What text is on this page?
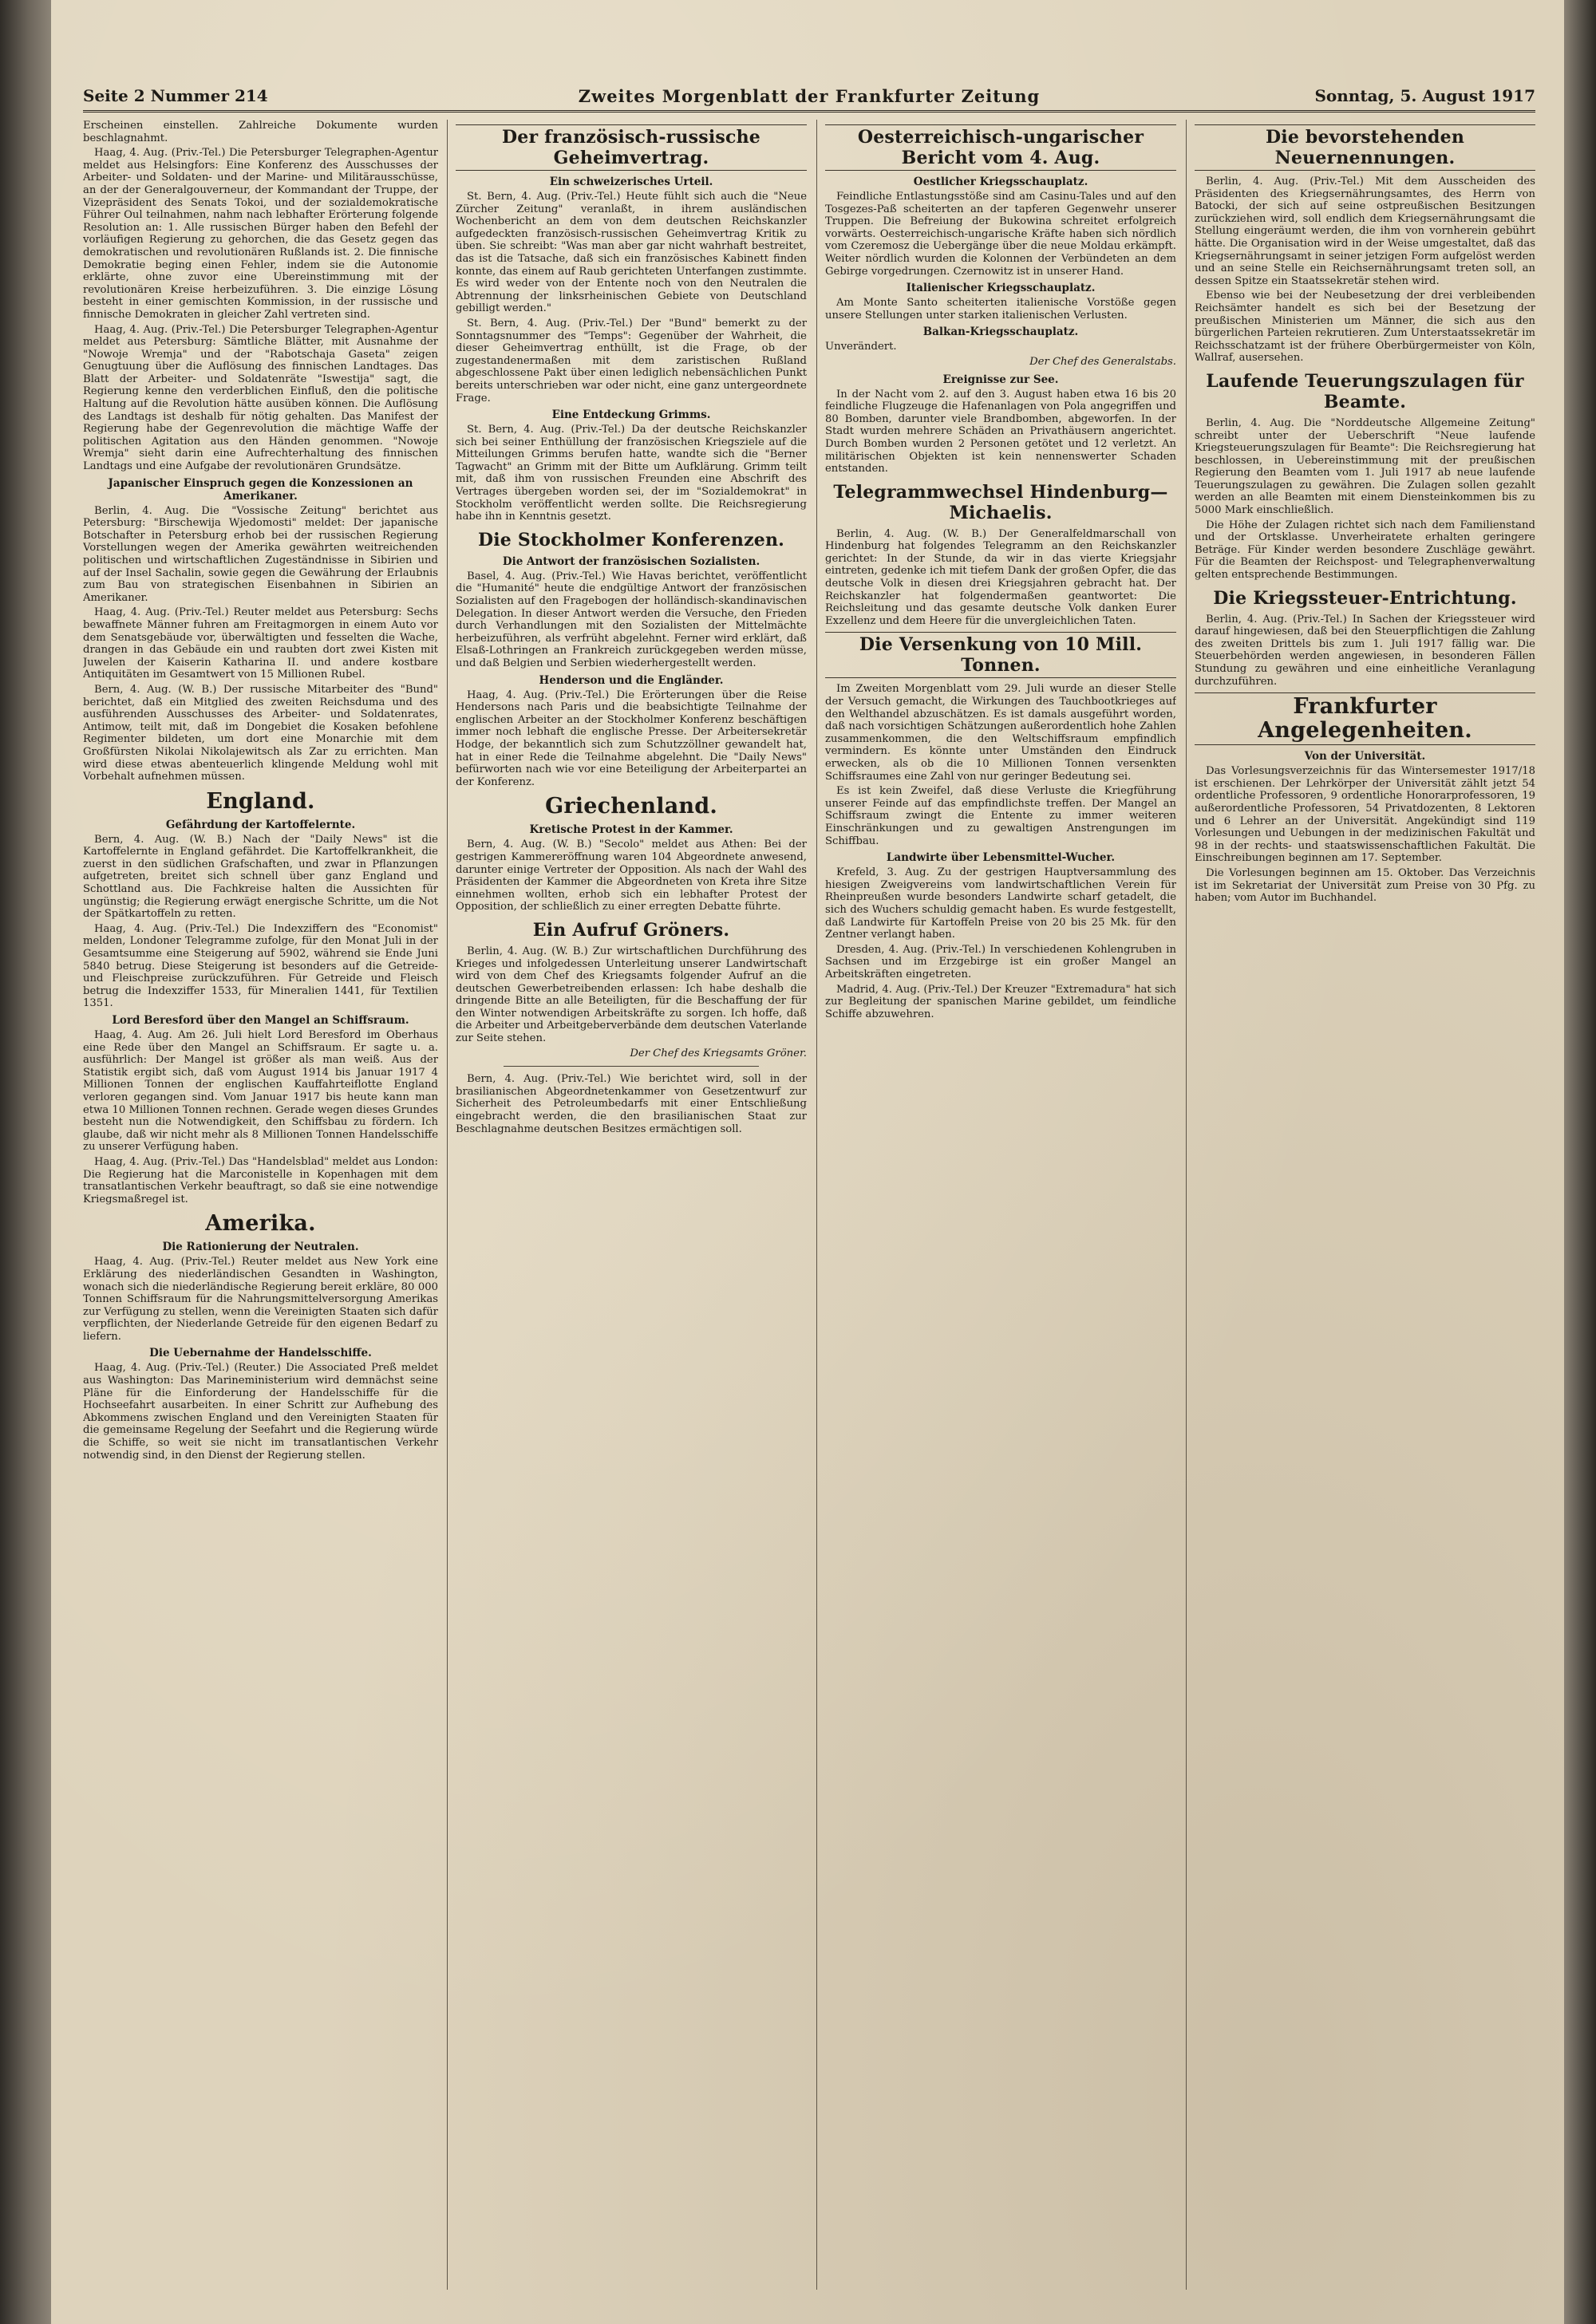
Seite 2 Nummer 214	Zweites Morgenblatt der Frankfurter Zeitung	Sonntag, 5. August 1917

Erscheinen einstellen. Zahlreiche Dokumente wurden beschlagnahmt.

Haag, 4. Aug. (Priv.-Tel.) Die Petersburger Telegraphen-Agentur meldet aus Helsingfors: Eine Konferenz des Ausschusses der Arbeiter- und Soldaten- und der Marine- und Militärausschüsse, an der der Generalgouverneur, der Kommandant der Truppe, der Vizepräsident des Senats Tokoi, und der sozialdemokratische Führer Oul teilnahmen, nahm nach lebhafter Erörterung folgende Resolution an: 1. Alle russischen Bürger haben den Befehl der vorläufigen Regierung zu gehorchen, die das Gesetz gegen das demokratischen und revolutionären Rußlands ist. 2. Die finnische Demokratie beging einen Fehler, indem sie die Autonomie erklärte, ohne zuvor eine Ubereinstimmung mit der revolutionären Kreise herbeizuführen. 3. Die einzige Lösung besteht in einer gemischten Kommission, in der russische und finnische Demokraten in gleicher Zahl vertreten sind.

Haag, 4. Aug. (Priv.-Tel.) Die Petersburger Telegraphen-Agentur meldet aus Petersburg: Sämtliche Blätter, mit Ausnahme der "Nowoje Wremja" und der "Rabotschaja Gaseta" zeigen Genugtuung über die Auflösung des finnischen Landtages. Das Blatt der Arbeiter- und Soldatenräte "Iswestija" sagt, die Regierung kenne den verderblichen Einfluß, den die politische Haltung auf die Revolution hätte ausüben können. Die Auflösung des Landtags ist deshalb für nötig gehalten. Das Manifest der Regierung habe der Gegenrevolution die mächtige Waffe der politischen Agitation aus den Händen genommen. "Nowoje Wremja" sieht darin eine Aufrechterhaltung des finnischen Landtags und eine Aufgabe der revolutionären Grundsätze.

Japanischer Einspruch gegen die Konzessionen an Amerikaner.

Berlin, 4. Aug. Die "Vossische Zeitung" berichtet aus Petersburg: "Birschewija Wjedomosti" meldet: Der japanische Botschafter in Petersburg erhob bei der russischen Regierung Vorstellungen wegen der Amerika gewährten weitreichenden politischen und wirtschaftlichen Zugeständnisse in Sibirien und auf der Insel Sachalin, sowie gegen die Gewährung der Erlaubnis zum Bau von strategischen Eisenbahnen in Sibirien an Amerikaner.

Haag, 4. Aug. (Priv.-Tel.) Reuter meldet aus Petersburg: Sechs bewaffnete Männer fuhren am Freitagmorgen in einem Auto vor dem Senatsgebäude vor, überwältigten und fesselten die Wache, drangen in das Gebäude ein und raubten dort zwei Kisten mit Juwelen der Kaiserin Katharina II. und andere kostbare Antiquitäten im Gesamtwert von 15 Millionen Rubel.

Bern, 4. Aug. (W. B.) Der russische Mitarbeiter des "Bund" berichtet, daß ein Mitglied des zweiten Reichsduma und des ausführenden Ausschusses des Arbeiter- und Soldatenrates, Antimow, teilt mit, daß im Dongebiet die Kosaken befohlene Regimenter bildeten, um dort eine Monarchie mit dem Großfürsten Nikolai Nikolajewitsch als Zar zu errichten. Man wird diese etwas abenteuerlich klingende Meldung wohl mit Vorbehalt aufnehmen müssen.

England.
Gefährdung der Kartoffelernte.

Bern, 4. Aug. (W. B.) Nach der "Daily News" ist die Kartoffelernte in England gefährdet. Die Kartoffelkrankheit, die zuerst in den südlichen Grafschaften, und zwar in Pflanzungen aufgetreten, breitet sich schnell über ganz England und Schottland aus. Die Fachkreise halten die Aussichten für ungünstig; die Regierung erwägt energische Schritte, um die Not der Spätkartoffeln zu retten.

Haag, 4. Aug. (Priv.-Tel.) Die Indexziffern des "Economist" melden, Londoner Telegramme zufolge, für den Monat Juli in der Gesamtsumme eine Steigerung auf 5902, während sie Ende Juni 5840 betrug. Diese Steigerung ist besonders auf die Getreide- und Fleischpreise zurückzuführen. Für Getreide und Fleisch betrug die Indexziffer 1533, für Mineralien 1441, für Textilien 1351.

Lord Beresford über den Mangel an Schiffsraum.

Haag, 4. Aug. Am 26. Juli hielt Lord Beresford im Oberhaus eine Rede über den Mangel an Schiffsraum. Er sagte u. a. ausführlich: Der Mangel ist größer als man weiß. Aus der Statistik ergibt sich, daß vom August 1914 bis Januar 1917 4 Millionen Tonnen der englischen Kauffahrteiflotte England verloren gegangen sind. Vom Januar 1917 bis heute kann man etwa 10 Millionen Tonnen rechnen. Gerade wegen dieses Grundes besteht nun die Notwendigkeit, den Schiffsbau zu fördern. Ich glaube, daß wir nicht mehr als 8 Millionen Tonnen Handelsschiffe zu unserer Verfügung haben.

Haag, 4. Aug. (Priv.-Tel.) Das "Handelsblad" meldet aus London: Die Regierung hat die Marconistelle in Kopenhagen mit dem transatlantischen Verkehr beauftragt, so daß sie eine notwendige Kriegsmaßregel ist.

Amerika.
Die Rationierung der Neutralen.

Haag, 4. Aug. (Priv.-Tel.) Reuter meldet aus New York eine Erklärung des niederländischen Gesandten in Washington, wonach sich die niederländische Regierung bereit erkläre, 80 000 Tonnen Schiffsraum für die Nahrungsmittelversorgung Amerikas zur Verfügung zu stellen, wenn die Vereinigten Staaten sich dafür verpflichten, der Niederlande Getreide für den eigenen Bedarf zu liefern.

Die Uebernahme der Handelsschiffe.

Haag, 4. Aug. (Priv.-Tel.) (Reuter.) Die Associated Preß meldet aus Washington: Das Marineministerium wird demnächst seine Pläne für die Einforderung der Handelsschiffe für die Hochseefahrt ausarbeiten. In einer Schritt zur Aufhebung des Abkommens zwischen England und den Vereinigten Staaten für die gemeinsame Regelung der Seefahrt und die Regierung würde die Schiffe, so weit sie nicht im transatlantischen Verkehr notwendig sind, in den Dienst der Regierung stellen.

Der französisch-russische Geheimvertrag.
Ein schweizerisches Urteil.

St. Bern, 4. Aug. (Priv.-Tel.) Heute fühlt sich auch die "Neue Zürcher Zeitung" veranlaßt, in ihrem ausländischen Wochenbericht an dem von dem deutschen Reichskanzler aufgedeckten französisch-russischen Geheimvertrag Kritik zu üben. Sie schreibt: "Was man aber gar nicht wahrhaft bestreitet, das ist die Tatsache, daß sich ein französisches Kabinett finden konnte, das einem auf Raub gerichteten Unterfangen zustimmte. Es wird weder von der Entente noch von den Neutralen die Abtrennung der linksrheinischen Gebiete von Deutschland gebilligt werden."

St. Bern, 4. Aug. (Priv.-Tel.) Der "Bund" bemerkt zu der Sonntagsnummer des "Temps": Gegenüber der Wahrheit, die dieser Geheimvertrag enthüllt, ist die Frage, ob der zugestandenermaßen mit dem zaristischen Rußland abgeschlossene Pakt über einen lediglich nebensächlichen Punkt bereits unterschrieben war oder nicht, eine ganz untergeordnete Frage.

Eine Entdeckung Grimms.

St. Bern, 4. Aug. (Priv.-Tel.) Da der deutsche Reichskanzler sich bei seiner Enthüllung der französischen Kriegsziele auf die Mitteilungen Grimms berufen hatte, wandte sich die "Berner Tagwacht" an Grimm mit der Bitte um Aufklärung. Grimm teilt mit, daß ihm von russischen Freunden eine Abschrift des Vertrages übergeben worden sei, der im "Sozialdemokrat" in Stockholm veröffentlicht werden sollte. Die Reichsregierung habe ihn in Kenntnis gesetzt.

Die Stockholmer Konferenzen.
Die Antwort der französischen Sozialisten.

Basel, 4. Aug. (Priv.-Tel.) Wie Havas berichtet, veröffentlicht die "Humanité" heute die endgültige Antwort der französischen Sozialisten auf den Fragebogen der holländisch-skandinavischen Delegation. In dieser Antwort werden die Versuche, den Frieden durch Verhandlungen mit den Sozialisten der Mittelmächte herbeizuführen, als verfrüht abgelehnt. Ferner wird erklärt, daß Elsaß-Lothringen an Frankreich zurückgegeben werden müsse, und daß Belgien und Serbien wiederhergestellt werden.

Henderson und die Engländer.

Haag, 4. Aug. (Priv.-Tel.) Die Erörterungen über die Reise Hendersons nach Paris und die beabsichtigte Teilnahme der englischen Arbeiter an der Stockholmer Konferenz beschäftigen immer noch lebhaft die englische Presse. Der Arbeitersekretär Hodge, der bekanntlich sich zum Schutzzöllner gewandelt hat, hat in einer Rede die Teilnahme abgelehnt. Die "Daily News" befürworten nach wie vor eine Beteiligung der Arbeiterpartei an der Konferenz.

Griechenland.
Kretische Protest in der Kammer.

Bern, 4. Aug. (W. B.) "Secolo" meldet aus Athen: Bei der gestrigen Kammereröffnung waren 104 Abgeordnete anwesend, darunter einige Vertreter der Opposition. Als nach der Wahl des Präsidenten der Kammer die Abgeordneten von Kreta ihre Sitze einnehmen wollten, erhob sich ein lebhafter Protest der Opposition, der schließlich zu einer erregten Debatte führte.

Ein Aufruf Gröners.

Berlin, 4. Aug. (W. B.) Zur wirtschaftlichen Durchführung des Krieges und infolgedessen Unterleitung unserer Landwirtschaft wird von dem Chef des Kriegsamts folgender Aufruf an die deutschen Gewerbetreibenden erlassen: Ich habe deshalb die dringende Bitte an alle Beteiligten, für die Beschaffung der für den Winter notwendigen Arbeitskräfte zu sorgen. Ich hoffe, daß die Arbeiter und Arbeitgeberverbände dem deutschen Vaterlande zur Seite stehen.

Der Chef des Kriegsamts Gröner.

Bern, 4. Aug. (Priv.-Tel.) Wie berichtet wird, soll in der brasilianischen Abgeordnetenkammer von Gesetzentwurf zur Sicherheit des Petroleumbedarfs mit einer Entschließung eingebracht werden, die den brasilianischen Staat zur Beschlagnahme deutschen Besitzes ermächtigen soll.

Oesterreichisch-ungarischer Bericht vom 4. Aug.
Oestlicher Kriegsschauplatz.

Feindliche Entlastungsstöße sind am Casinu-Tales und auf den Tosgezes-Paß scheiterten an der tapferen Gegenwehr unserer Truppen. Die Befreiung der Bukowina schreitet erfolgreich vorwärts. Oesterreichisch-ungarische Kräfte haben sich nördlich vom Czeremosz die Uebergänge über die neue Moldau erkämpft. Weiter nördlich wurden die Kolonnen der Verbündeten an dem Gebirge vorgedrungen. Czernowitz ist in unserer Hand.

Italienischer Kriegsschauplatz.

Am Monte Santo scheiterten italienische Vorstöße gegen unsere Stellungen unter starken italienischen Verlusten.

Balkan-Kriegsschauplatz.

Unverändert.

Der Chef des Generalstabs.
Ereignisse zur See.

In der Nacht vom 2. auf den 3. August haben etwa 16 bis 20 feindliche Flugzeuge die Hafenanlagen von Pola angegriffen und 80 Bomben, darunter viele Brandbomben, abgeworfen. In der Stadt wurden mehrere Schäden an Privathäusern angerichtet. Durch Bomben wurden 2 Personen getötet und 12 verletzt. An militärischen Objekten ist kein nennenswerter Schaden entstanden.

Telegrammwechsel Hindenburg—Michaelis.

Berlin, 4. Aug. (W. B.) Der Generalfeldmarschall von Hindenburg hat folgendes Telegramm an den Reichskanzler gerichtet: In der Stunde, da wir in das vierte Kriegsjahr eintreten, gedenke ich mit tiefem Dank der großen Opfer, die das deutsche Volk in diesen drei Kriegsjahren gebracht hat. Der Reichskanzler hat folgendermaßen geantwortet: Die Reichsleitung und das gesamte deutsche Volk danken Eurer Exzellenz und dem Heere für die unvergleichlichen Taten.

Die Versenkung von 10 Mill. Tonnen.

Im Zweiten Morgenblatt vom 29. Juli wurde an dieser Stelle der Versuch gemacht, die Wirkungen des Tauchbootkrieges auf den Welthandel abzuschätzen. Es ist damals ausgeführt worden, daß nach vorsichtigen Schätzungen außerordentlich hohe Zahlen zusammenkommen, die den Weltschiffsraum empfindlich vermindern. Es könnte unter Umständen den Eindruck erwecken, als ob die 10 Millionen Tonnen versenkten Schiffsraumes eine Zahl von nur geringer Bedeutung sei.

Es ist kein Zweifel, daß diese Verluste die Kriegführung unserer Feinde auf das empfindlichste treffen. Der Mangel an Schiffsraum zwingt die Entente zu immer weiteren Einschränkungen und zu gewaltigen Anstrengungen im Schiffbau.

Landwirte über Lebensmittel-Wucher.

Krefeld, 3. Aug. Zu der gestrigen Hauptversammlung des hiesigen Zweigvereins vom landwirtschaftlichen Verein für Rheinpreußen wurde besonders Landwirte scharf getadelt, die sich des Wuchers schuldig gemacht haben. Es wurde festgestellt, daß Landwirte für Kartoffeln Preise von 20 bis 25 Mk. für den Zentner verlangt haben.

Dresden, 4. Aug. (Priv.-Tel.) In verschiedenen Kohlengruben in Sachsen und im Erzgebirge ist ein großer Mangel an Arbeitskräften eingetreten.

Madrid, 4. Aug. (Priv.-Tel.) Der Kreuzer "Extremadura" hat sich zur Begleitung der spanischen Marine gebildet, um feindliche Schiffe abzuwehren.

Die bevorstehenden Neuernennungen.

Berlin, 4. Aug. (Priv.-Tel.) Mit dem Ausscheiden des Präsidenten des Kriegsernährungsamtes, des Herrn von Batocki, der sich auf seine ostpreußischen Besitzungen zurückziehen wird, soll endlich dem Kriegsernährungsamt die Stellung eingeräumt werden, die ihm von vornherein gebührt hätte. Die Organisation wird in der Weise umgestaltet, daß das Kriegsernährungsamt in seiner jetzigen Form aufgelöst werden und an seine Stelle ein Reichsernährungsamt treten soll, an dessen Spitze ein Staatssekretär stehen wird.

Ebenso wie bei der Neubesetzung der drei verbleibenden Reichsämter handelt es sich bei der Besetzung der preußischen Ministerien um Männer, die sich aus den bürgerlichen Parteien rekrutieren. Zum Unterstaatssekretär im Reichsschatzamt ist der frühere Oberbürgermeister von Köln, Wallraf, ausersehen.

Laufende Teuerungszulagen für Beamte.

Berlin, 4. Aug. Die "Norddeutsche Allgemeine Zeitung" schreibt unter der Ueberschrift "Neue laufende Kriegsteuerungszulagen für Beamte": Die Reichsregierung hat beschlossen, in Uebereinstimmung mit der preußischen Regierung den Beamten vom 1. Juli 1917 ab neue laufende Teuerungszulagen zu gewähren. Die Zulagen sollen gezahlt werden an alle Beamten mit einem Diensteinkommen bis zu 5000 Mark einschließlich.

Die Höhe der Zulagen richtet sich nach dem Familienstand und der Ortsklasse. Unverheiratete erhalten geringere Beträge. Für Kinder werden besondere Zuschläge gewährt. Für die Beamten der Reichspost- und Telegraphenverwaltung gelten entsprechende Bestimmungen.

Die Kriegssteuer-Entrichtung.

Berlin, 4. Aug. (Priv.-Tel.) In Sachen der Kriegssteuer wird darauf hingewiesen, daß bei den Steuerpflichtigen die Zahlung des zweiten Drittels bis zum 1. Juli 1917 fällig war. Die Steuerbehörden werden angewiesen, in besonderen Fällen Stundung zu gewähren und eine einheitliche Veranlagung durchzuführen.

Frankfurter Angelegenheiten.
Von der Universität.

Das Vorlesungsverzeichnis für das Wintersemester 1917/18 ist erschienen. Der Lehrkörper der Universität zählt jetzt 54 ordentliche Professoren, 9 ordentliche Honorarprofessoren, 19 außerordentliche Professoren, 54 Privatdozenten, 8 Lektoren und 6 Lehrer an der Universität. Angekündigt sind 119 Vorlesungen und Uebungen in der medizinischen Fakultät und 98 in der rechts- und staatswissenschaftlichen Fakultät. Die Einschreibungen beginnen am 17. September.

Die Vorlesungen beginnen am 15. Oktober. Das Verzeichnis ist im Sekretariat der Universität zum Preise von 30 Pfg. zu haben; vom Autor im Buchhandel.
